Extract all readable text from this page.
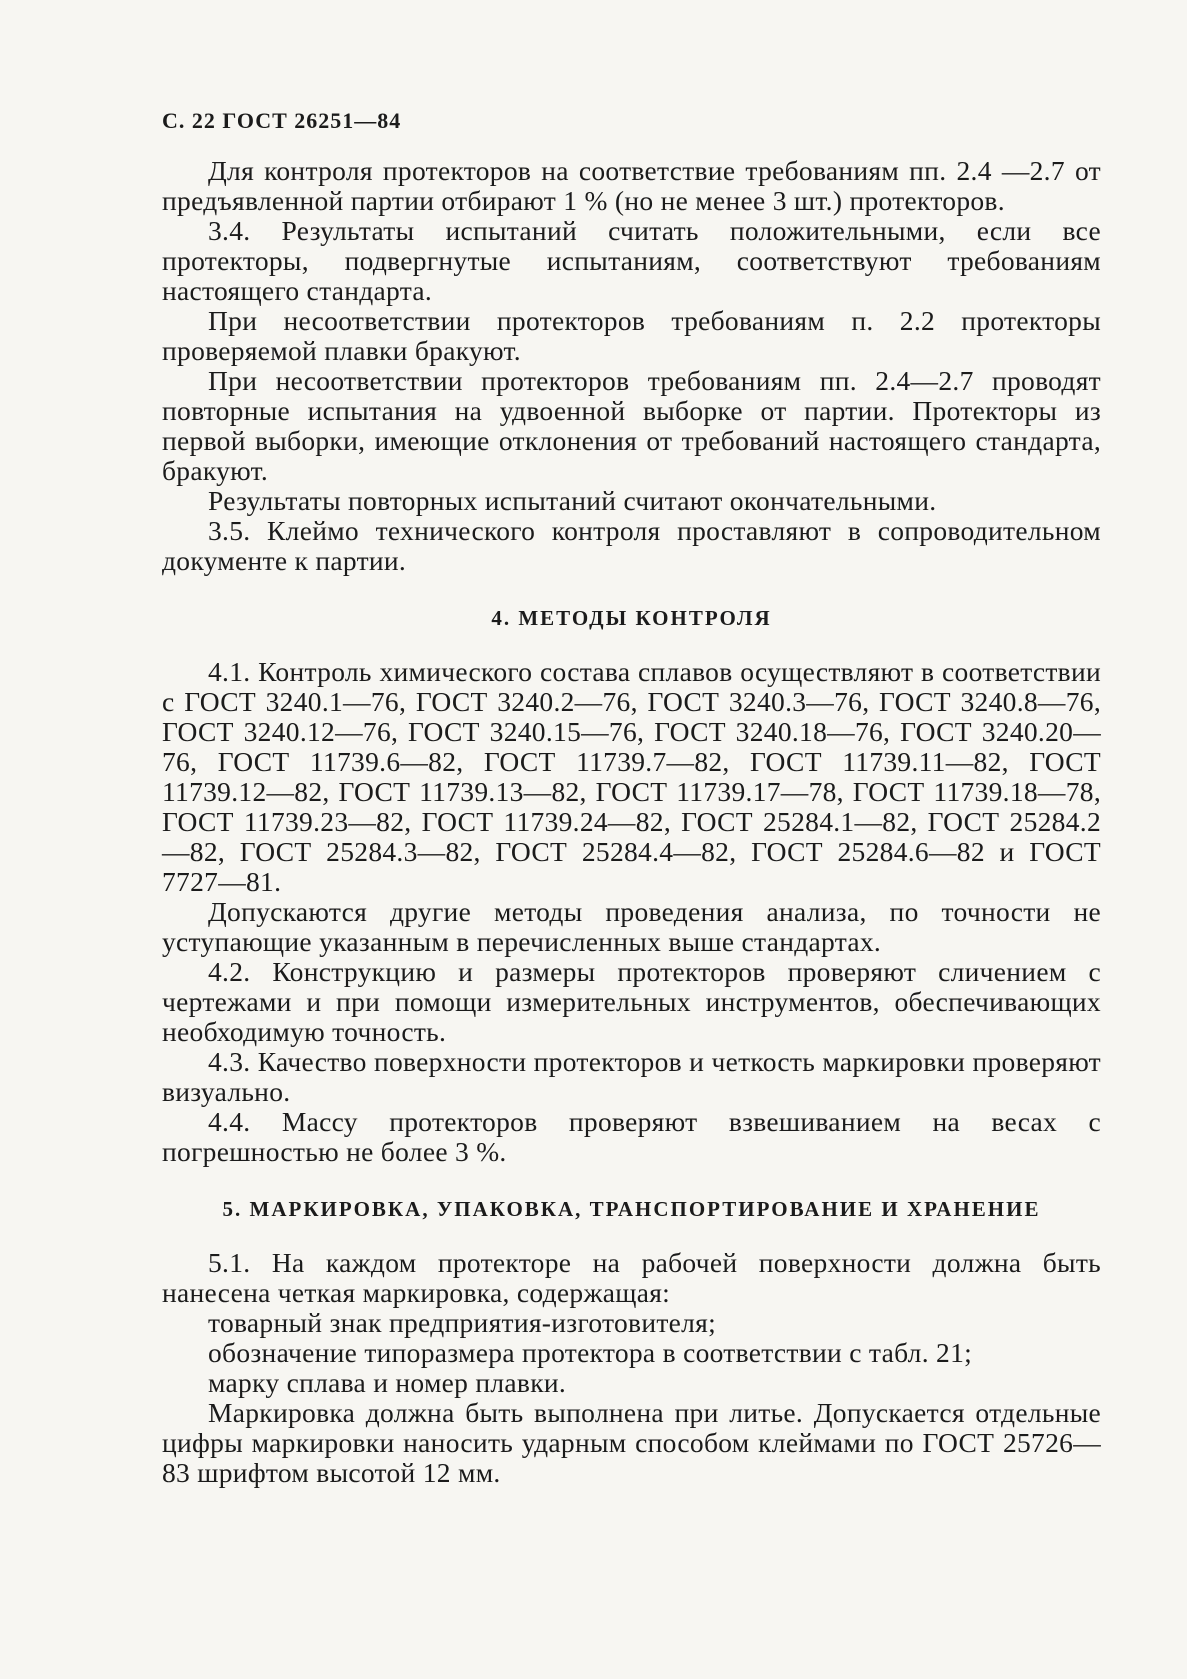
С. 22 ГОСТ 26251—84

Для контроля протекторов на соответствие требованиям пп. 2.4 —2.7 от предъявленной партии отбирают 1 % (но не менее 3 шт.) протекторов.

3.4. Результаты испытаний считать положительными, если все протекторы, подвергнутые испытаниям, соответствуют требованиям настоящего стандарта.

При несоответствии протекторов требованиям п. 2.2 протекторы проверяемой плавки бракуют.

При несоответствии протекторов требованиям пп. 2.4—2.7 проводят повторные испытания на удвоенной выборке от партии. Протекторы из первой выборки, имеющие отклонения от требований настоящего стандарта, бракуют.

Результаты повторных испытаний считают окончательными.

3.5. Клеймо технического контроля проставляют в сопроводительном документе к партии.

4. МЕТОДЫ КОНТРОЛЯ

4.1. Контроль химического состава сплавов осуществляют в соответствии с ГОСТ 3240.1—76, ГОСТ 3240.2—76, ГОСТ 3240.3—76, ГОСТ 3240.8—76, ГОСТ 3240.12—76, ГОСТ 3240.15—76, ГОСТ 3240.18—76, ГОСТ 3240.20—76, ГОСТ 11739.6—82, ГОСТ 11739.7—82, ГОСТ 11739.11—82, ГОСТ 11739.12—82, ГОСТ 11739.13—82, ГОСТ 11739.17—78, ГОСТ 11739.18—78, ГОСТ 11739.23—82, ГОСТ 11739.24—82, ГОСТ 25284.1—82, ГОСТ 25284.2—82, ГОСТ 25284.3—82, ГОСТ 25284.4—82, ГОСТ 25284.6—82 и ГОСТ 7727—81.

Допускаются другие методы проведения анализа, по точности не уступающие указанным в перечисленных выше стандартах.

4.2. Конструкцию и размеры протекторов проверяют сличением с чертежами и при помощи измерительных инструментов, обеспечивающих необходимую точность.

4.3. Качество поверхности протекторов и четкость маркировки проверяют визуально.

4.4. Массу протекторов проверяют взвешиванием на весах с погрешностью не более 3 %.

5. МАРКИРОВКА, УПАКОВКА, ТРАНСПОРТИРОВАНИЕ И ХРАНЕНИЕ

5.1. На каждом протекторе на рабочей поверхности должна быть нанесена четкая маркировка, содержащая:

товарный знак предприятия-изготовителя;

обозначение типоразмера протектора в соответствии с табл. 21;

марку сплава и номер плавки.

Маркировка должна быть выполнена при литье. Допускается отдельные цифры маркировки наносить ударным способом клеймами по ГОСТ 25726—83 шрифтом высотой 12 мм.
